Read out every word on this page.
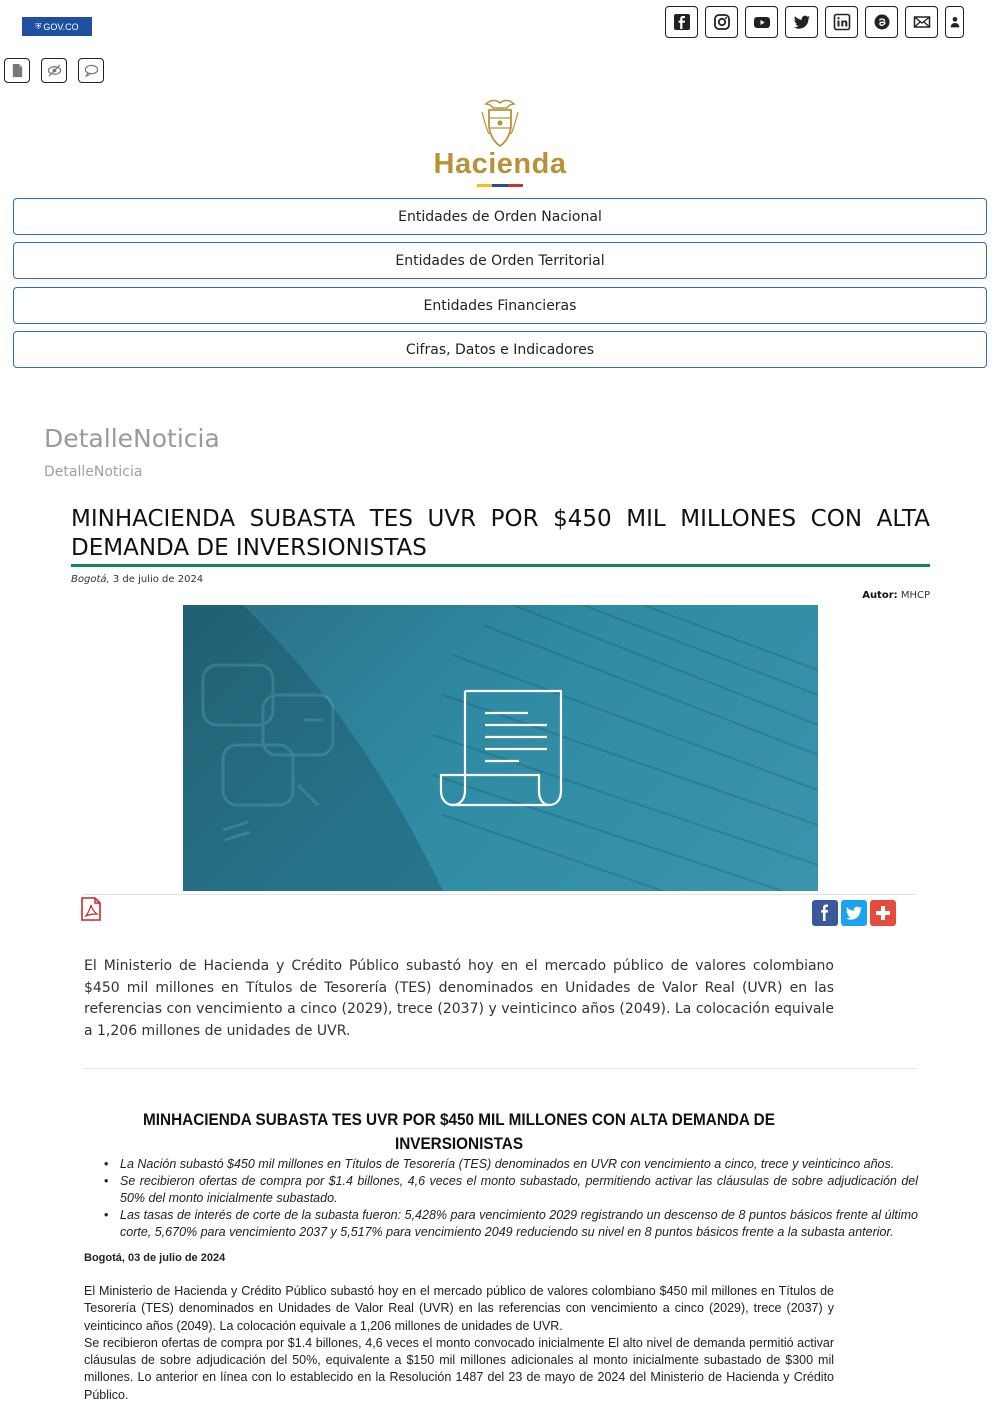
⛨ GOV.CO
Hacienda
Entidades de Orden Nacional
Entidades de Orden Territorial
Entidades Financieras
Cifras, Datos e Indicadores
DetalleNoticia
DetalleNoticia
MINHACIENDA SUBASTA TES UVR POR $450 MIL MILLONES CON ALTA DEMANDA DE INVERSIONISTAS
Bogotá, 3 de julio de 2024
Autor: MHCP

El Ministerio de Hacienda y Crédito Público subastó hoy en el mercado público de valores colombiano $450 mil millones en Títulos de Tesorería (TES) denominados en Unidades de Valor Real (UVR) en las referencias con vencimiento a cinco (2029), trece (2037) y veinticinco años (2049). La colocación equivale a 1,206 millones de unidades de UVR.

MINHACIENDA SUBASTA TES UVR POR $450 MIL MILLONES CON ALTA DEMANDA DE INVERSIONISTAS
• La Nación subastó $450 mil millones en Títulos de Tesorería (TES) denominados en UVR con vencimiento a cinco, trece y veinticinco años.
• Se recibieron ofertas de compra por $1.4 billones, 4,6 veces el monto subastado, permitiendo activar las cláusulas de sobre adjudicación del 50% del monto inicialmente subastado.
• Las tasas de interés de corte de la subasta fueron: 5,428% para vencimiento 2029 registrando un descenso de 8 puntos básicos frente al último corte, 5,670% para vencimiento 2037 y 5,517% para vencimiento 2049 reduciendo su nivel en 8 puntos básicos frente a la subasta anterior.
Bogotá, 03 de julio de 2024

El Ministerio de Hacienda y Crédito Público subastó hoy en el mercado público de valores colombiano $450 mil millones en Títulos de Tesorería (TES) denominados en Unidades de Valor Real (UVR) en las referencias con vencimiento a cinco (2029), trece (2037) y veinticinco años (2049). La colocación equivale a 1,206 millones de unidades de UVR.

Se recibieron ofertas de compra por $1.4 billones, 4,6 veces el monto convocado inicialmente El alto nivel de demanda permitió activar cláusulas de sobre adjudicación del 50%, equivalente a $150 mil millones adicionales al monto inicialmente subastado de $300 mil millones. Lo anterior en línea con lo establecido en la Resolución 1487 del 23 de mayo de 2024 del Ministerio de Hacienda y Crédito Público.
